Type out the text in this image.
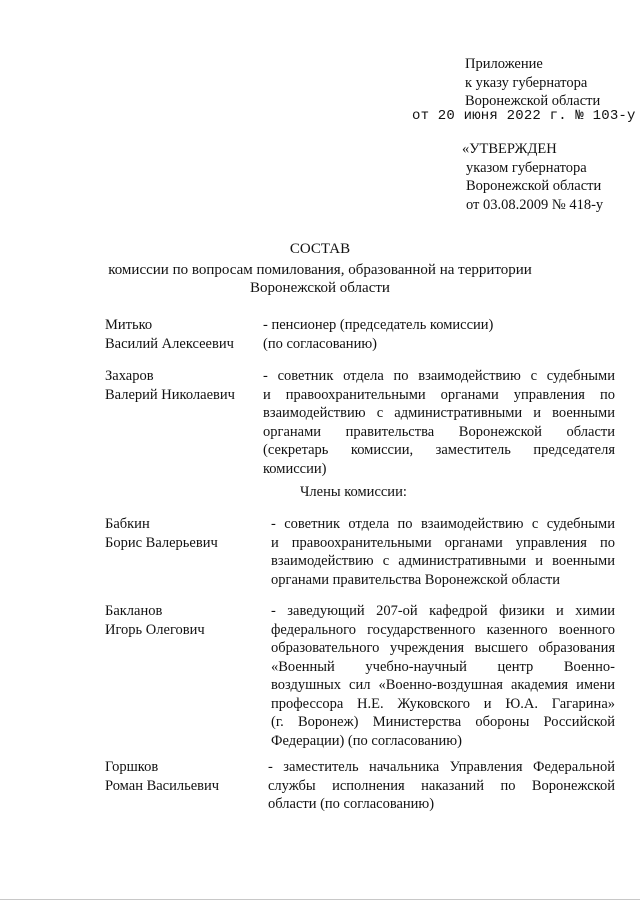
Приложение
к указу губернатора
Воронежской области
от 20 июня 2022 г. № 103-у
«УТВЕРЖДЕН
указом губернатора
Воронежской области
от 03.08.2009 № 418-у
СОСТАВ
комиссии по вопросам помилования, образованной на территории
Воронежской области
Митько
Василий Алексеевич
- пенсионер (председатель комиссии)
(по согласованию)
Захаров
Валерий Николаевич
- советник отдела по взаимодействию с судебными
и правоохранительными органами управления по
взаимодействию с административными и военными
органами правительства Воронежской области
(секретарь комиссии, заместитель председателя
комиссии)
Члены комиссии:
Бабкин
Борис Валерьевич
- советник отдела по взаимодействию с судебными
и правоохранительными органами управления по
взаимодействию с административными и военными
органами правительства Воронежской области
Бакланов
Игорь Олегович
- заведующий 207-ой кафедрой физики и химии
федерального государственного казенного военного
образовательного учреждения высшего образования
«Военный учебно-научный центр Военно-
воздушных сил «Военно-воздушная академия имени
профессора Н.Е. Жуковского и Ю.А. Гагарина»
(г. Воронеж) Министерства обороны Российской
Федерации) (по согласованию)
Горшков
Роман Васильевич
- заместитель начальника Управления Федеральной
службы исполнения наказаний по Воронежской
области (по согласованию)
